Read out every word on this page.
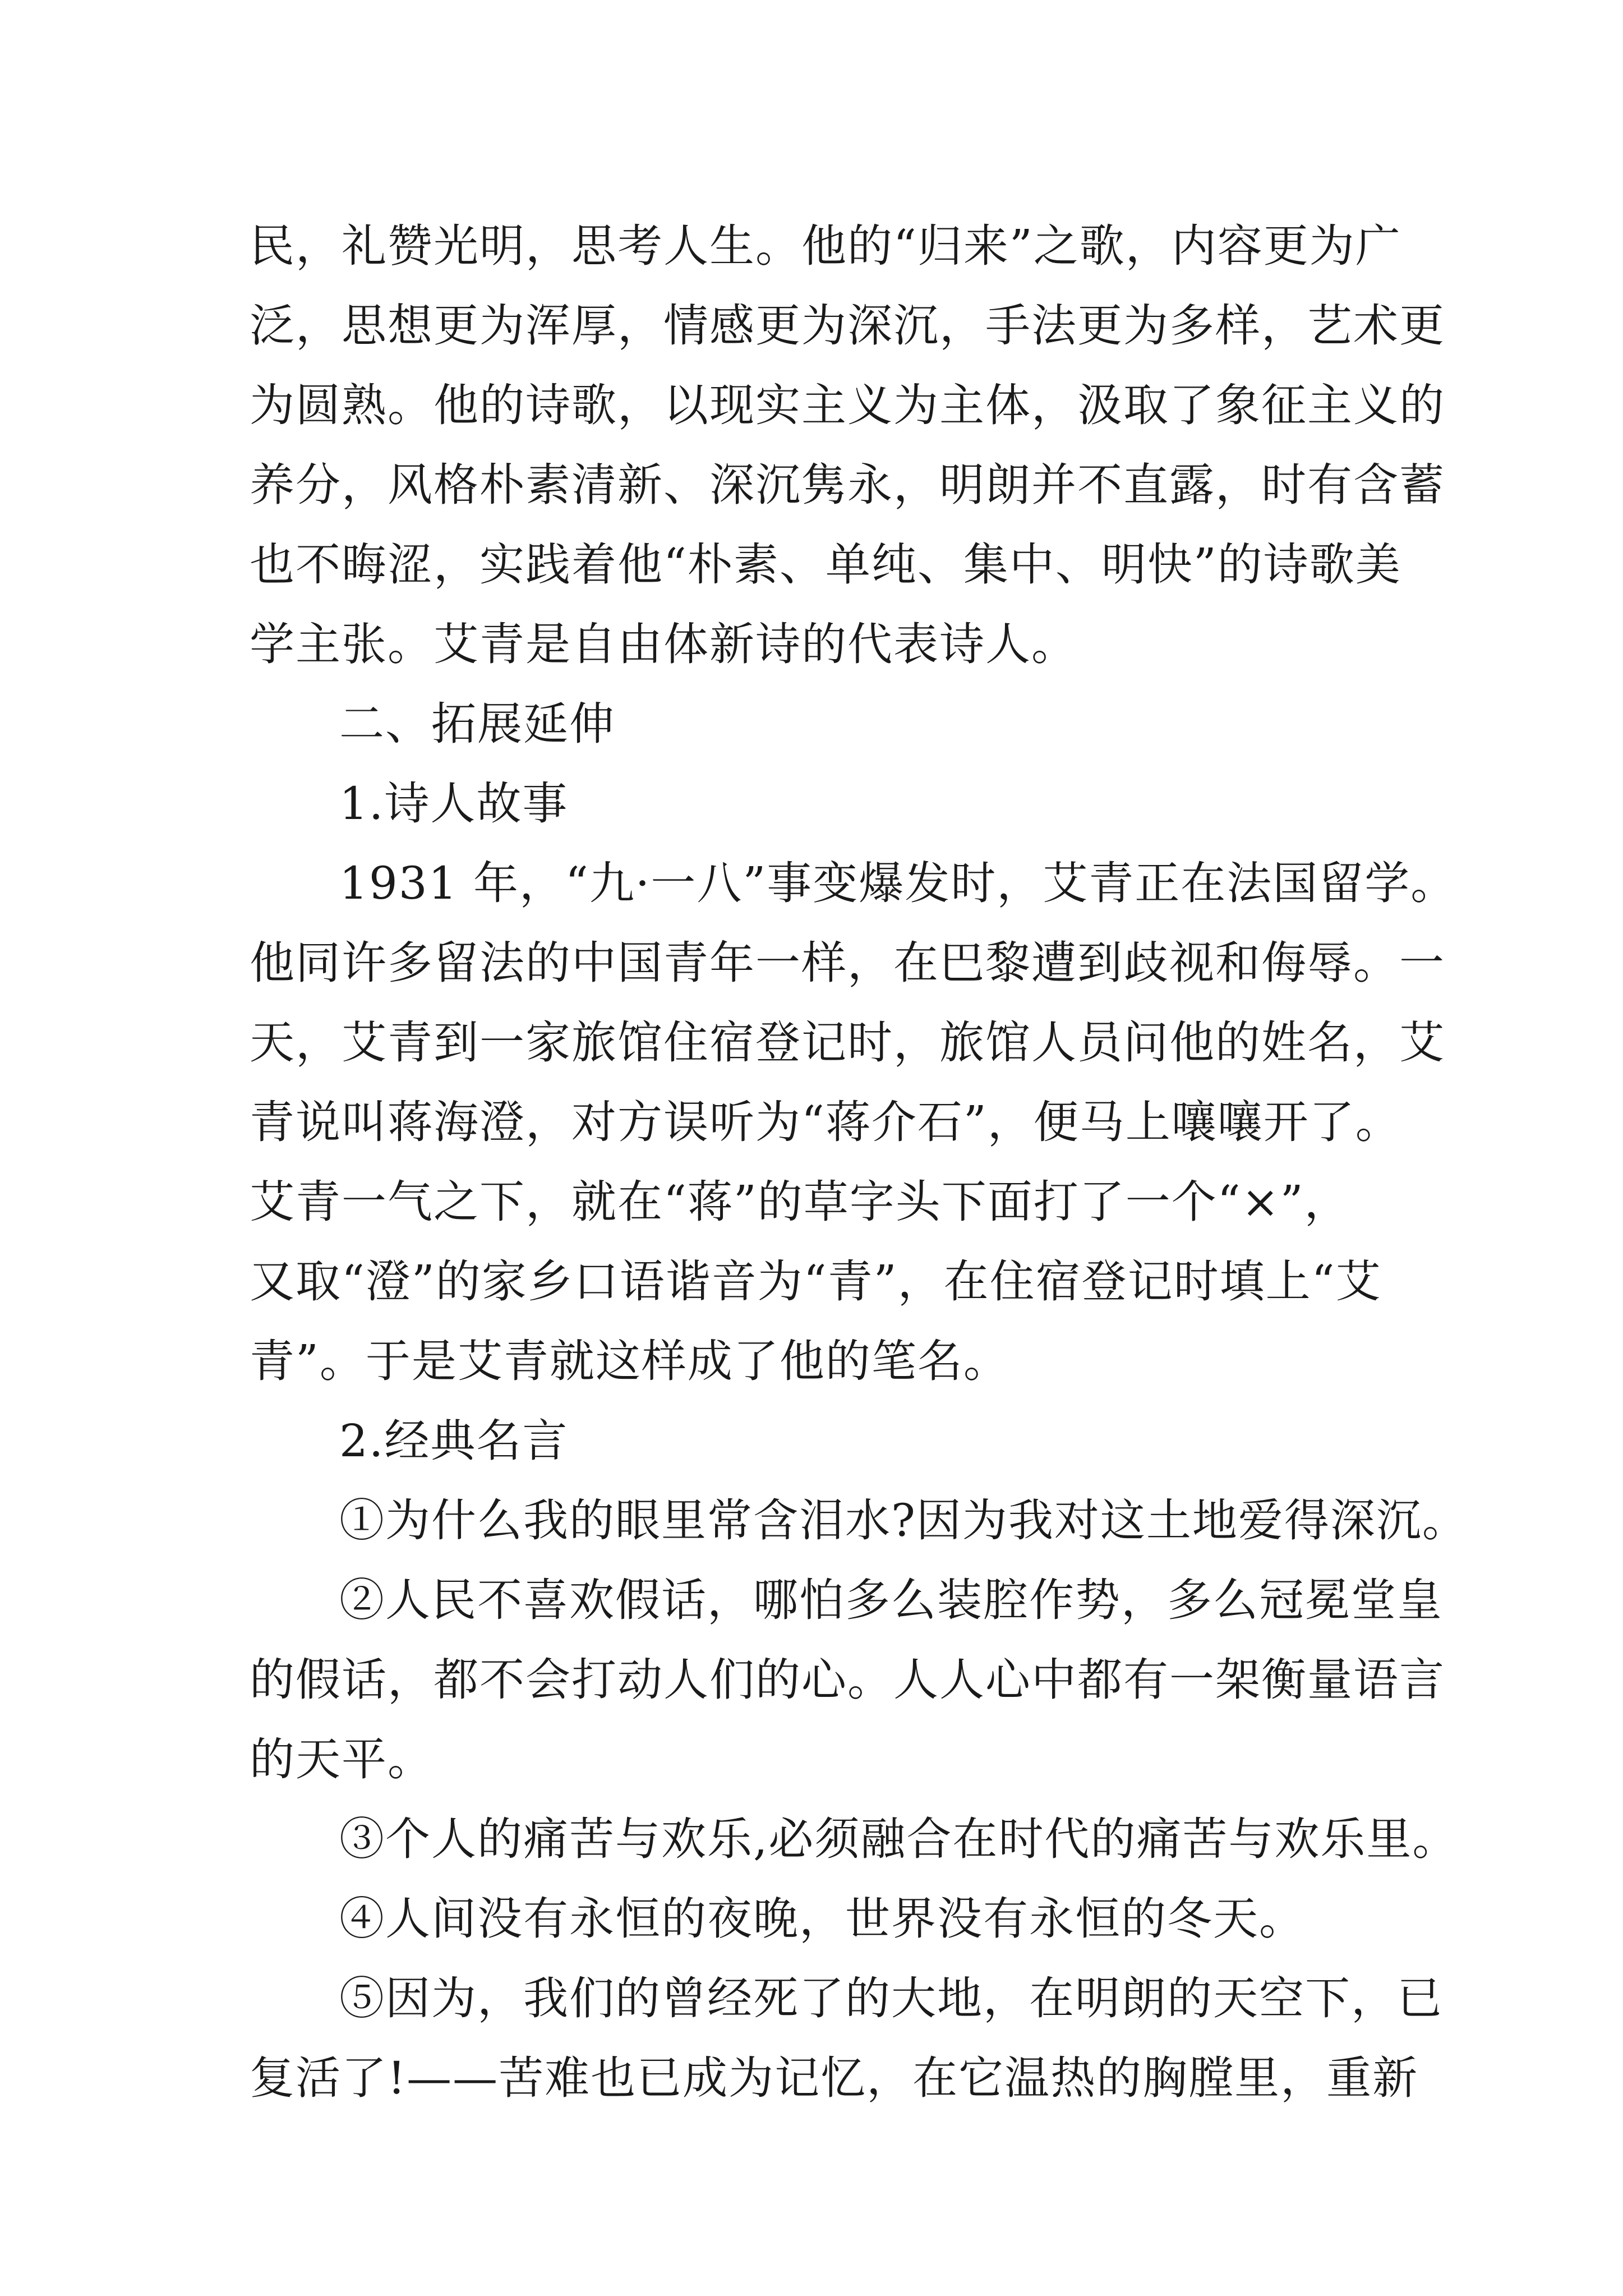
民，礼赞光明，思考人生。他的“归来”之歌，内容更为广
泛，思想更为浑厚，情感更为深沉，手法更为多样，艺术更
为圆熟。他的诗歌，以现实主义为主体，汲取了象征主义的
养分，风格朴素清新、深沉隽永，明朗并不直露，时有含蓄
也不晦涩，实践着他“朴素、单纯、集中、明快”的诗歌美
学主张。艾青是自由体新诗的代表诗人。
二、拓展延伸
1.诗人故事
1931 年，“九·一八”事变爆发时，艾青正在法国留学。
他同许多留法的中国青年一样，在巴黎遭到歧视和侮辱。一
天，艾青到一家旅馆住宿登记时，旅馆人员问他的姓名，艾
青说叫蒋海澄，对方误听为“蒋介石”，便马上嚷嚷开了。
艾青一气之下，就在“蒋”的草字头下面打了一个“×”，
又取“澄”的家乡口语谐音为“青”，在住宿登记时填上“艾
青”。于是艾青就这样成了他的笔名。
2.经典名言
①为什么我的眼里常含泪水?因为我对这土地爱得深沉。
②人民不喜欢假话，哪怕多么装腔作势，多么冠冕堂皇
的假话，都不会打动人们的心。人人心中都有一架衡量语言
的天平。
③个人的痛苦与欢乐,必须融合在时代的痛苦与欢乐里。
④人间没有永恒的夜晚，世界没有永恒的冬天。
⑤因为，我们的曾经死了的大地，在明朗的天空下，已
复活了!——苦难也已成为记忆，在它温热的胸膛里，重新
